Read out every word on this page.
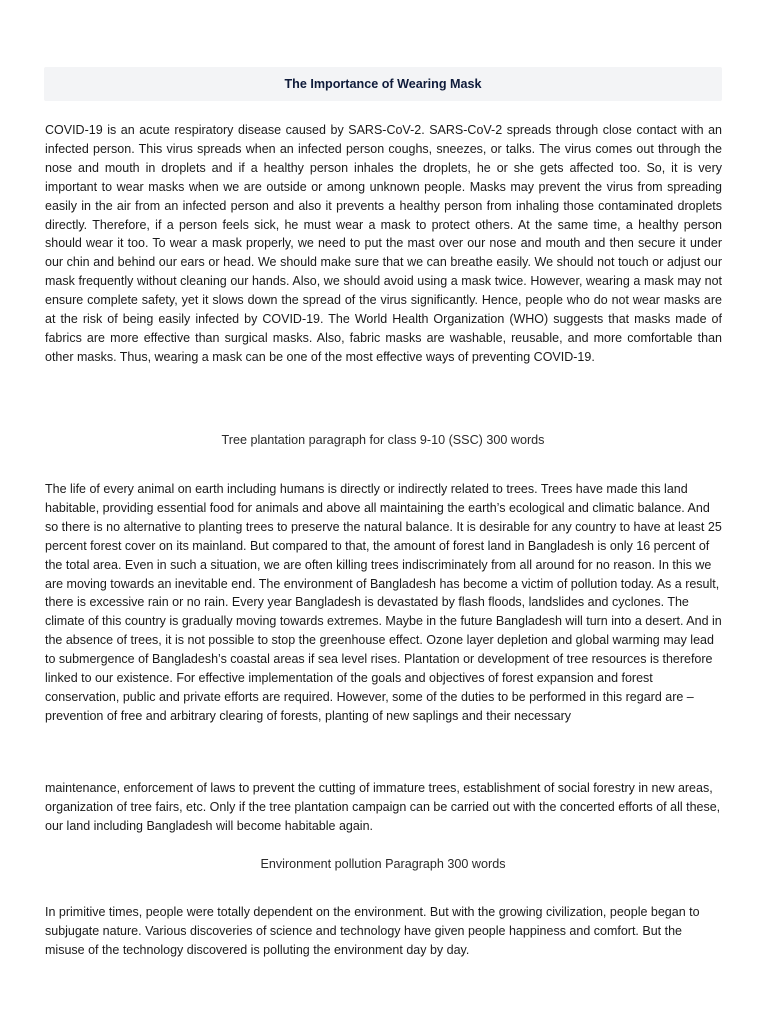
The Importance of Wearing Mask

COVID-19 is an acute respiratory disease caused by SARS-CoV-2. SARS-CoV-2 spreads through close contact with an infected person. This virus spreads when an infected person coughs, sneezes, or talks. The virus comes out through the nose and mouth in droplets and if a healthy person inhales the droplets, he or she gets affected too. So, it is very important to wear masks when we are outside or among unknown people. Masks may prevent the virus from spreading easily in the air from an infected person and also it prevents a healthy person from inhaling those contaminated droplets directly. Therefore, if a person feels sick, he must wear a mask to protect others. At the same time, a healthy person should wear it too. To wear a mask properly, we need to put the mast over our nose and mouth and then secure it under our chin and behind our ears or head. We should make sure that we can breathe easily. We should not touch or adjust our mask frequently without cleaning our hands. Also, we should avoid using a mask twice. However, wearing a mask may not ensure complete safety, yet it slows down the spread of the virus significantly. Hence, people who do not wear masks are at the risk of being easily infected by COVID-19. The World Health Organization (WHO) suggests that masks made of fabrics are more effective than surgical masks. Also, fabric masks are washable, reusable, and more comfortable than other masks. Thus, wearing a mask can be one of the most effective ways of preventing COVID-19.

Tree plantation paragraph for class 9-10 (SSC) 300 words

The life of every animal on earth including humans is directly or indirectly related to trees. Trees have made this land habitable, providing essential food for animals and above all maintaining the earth’s ecological and climatic balance. And so there is no alternative to planting trees to preserve the natural balance. It is desirable for any country to have at least 25 percent forest cover on its mainland. But compared to that, the amount of forest land in Bangladesh is only 16 percent of the total area. Even in such a situation, we are often killing trees indiscriminately from all around for no reason. In this we are moving towards an inevitable end. The environment of Bangladesh has become a victim of pollution today. As a result, there is excessive rain or no rain. Every year Bangladesh is devastated by flash floods, landslides and cyclones. The climate of this country is gradually moving towards extremes. Maybe in the future Bangladesh will turn into a desert. And in the absence of trees, it is not possible to stop the greenhouse effect. Ozone layer depletion and global warming may lead to submergence of Bangladesh’s coastal areas if sea level rises. Plantation or development of tree resources is therefore linked to our existence. For effective implementation of the goals and objectives of forest expansion and forest conservation, public and private efforts are required. However, some of the duties to be performed in this regard are – prevention of free and arbitrary clearing of forests, planting of new saplings and their necessary

maintenance, enforcement of laws to prevent the cutting of immature trees, establishment of social forestry in new areas, organization of tree fairs, etc. Only if the tree plantation campaign can be carried out with the concerted efforts of all these, our land including Bangladesh will become habitable again.

Environment pollution Paragraph 300 words

In primitive times, people were totally dependent on the environment. But with the growing civilization, people began to subjugate nature. Various discoveries of science and technology have given people happiness and comfort. But the misuse of the technology discovered is polluting the environment day by day.
